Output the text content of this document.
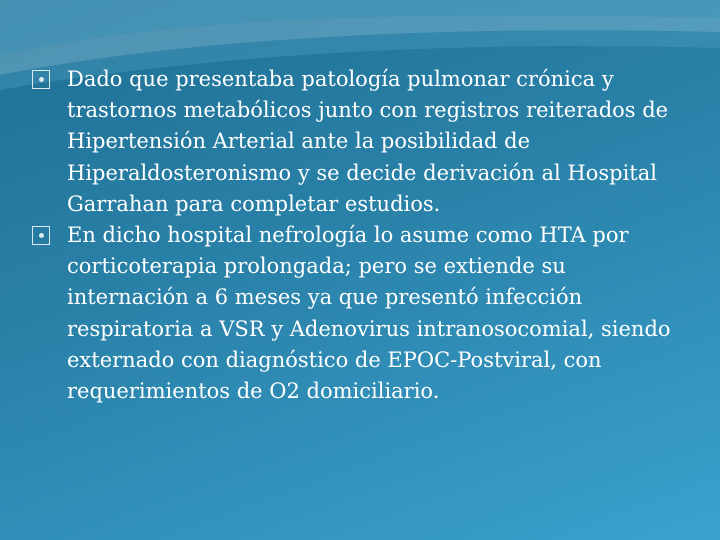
Dado que presentaba patología pulmonar crónica y trastornos metabólicos junto con registros reiterados de Hipertensión Arterial ante la posibilidad de Hiperaldosteronismo y se decide derivación al Hospital Garrahan para completar estudios.

En dicho hospital nefrología lo asume como HTA por corticoterapia prolongada; pero se extiende su internación a 6 meses ya que presentó infección respiratoria a VSR y Adenovirus intranosocomial, siendo externado con diagnóstico de EPOC-Postviral, con requerimientos de O2 domiciliario.
